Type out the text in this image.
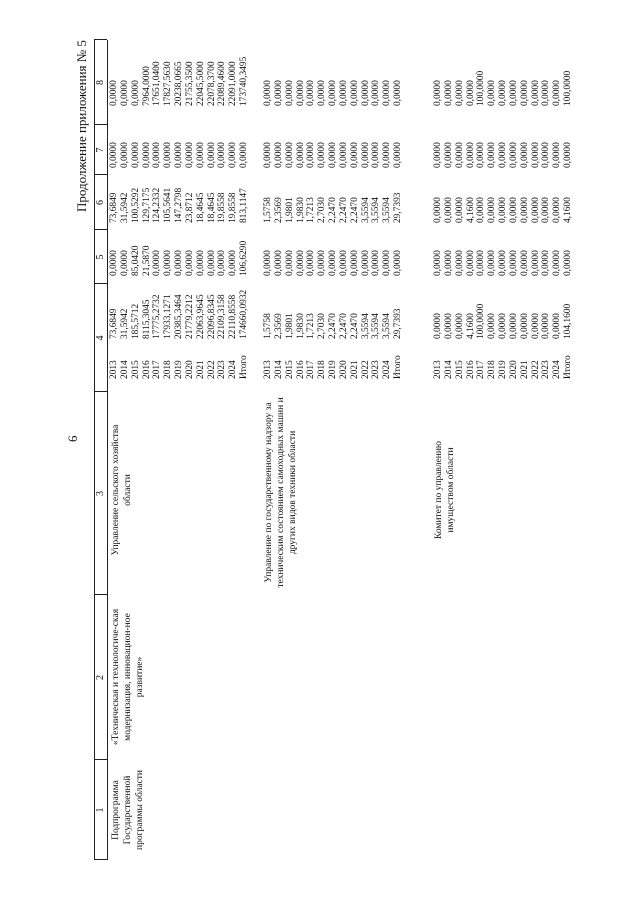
6
Продолжение приложения № 5
1
2
3
4
5
6
7
8
Подпрограмма Государственной программы области
«Техническая и технологиче-ская модернизация, инновацион-ное развитие»
Управление сельского хозяйства области
2013 2014 2015 2016 2017 2018 2019 2020 2021 2022 2023 2024 Итого
73,6849 31,5942 185,5712 8115,3045 17775,2732 17933,1271 20385,3464 21779,2212 22063,9645 22096,8345 22109,3158 22110,8558 174660,0932
0,0000 0,0000 85,0420 21,5870 0,0000 0,0000 0,0000 0,0000 0,0000 0,0000 0,0000 0,0000 106,6290
73,6849 31,5942 100,5292 129,7175 124,2332 105,5641 147,2798 23,8712 18,4645 18,4645 19,8558 19,8558 813,1147
0,0000 0,0000 0,0000 0,0000 0,0000 0,0000 0,0000 0,0000 0,0000 0,0000 0,0000 0,0000 0,0000
0,0000 0,0000 0,0000 7964,0000 17651,0400 17827,5630 20238,0665 21755,3500 22045,5000 22078,3700 22089,4600 22091,0000 173740,3495
Управление по государственному надзору за техническим состоянием самоходных машин и других видов техники области
2013 2014 2015 2016 2017 2018 2019 2020 2021 2022 2023 2024 Итого
1,5758 2,3569 1,9801 1,9830 1,7213 2,7030 2,2470 2,2470 2,2470 3,5594 3,5594 3,5594 29,7393
0,0000 0,0000 0,0000 0,0000 0,0000 0,0000 0,0000 0,0000 0,0000 0,0000 0,0000 0,0000 0,0000
1,5758 2,3569 1,9801 1,9830 1,7213 2,7030 2,2470 2,2470 2,2470 3,5594 3,5594 3,5594 29,7393
0,0000 0,0000 0,0000 0,0000 0,0000 0,0000 0,0000 0,0000 0,0000 0,0000 0,0000 0,0000 0,0000
0,0000 0,0000 0,0000 0,0000 0,0000 0,0000 0,0000 0,0000 0,0000 0,0000 0,0000 0,0000 0,0000
Комитет по управлению имуществом области
2013 2014 2015 2016 2017 2018 2019 2020 2021 2022 2023 2024 Итого
0,0000 0,0000 0,0000 4,1600 100,0000 0,0000 0,0000 0,0000 0,0000 0,0000 0,0000 0,0000 104,1600
0,0000 0,0000 0,0000 0,0000 0,0000 0,0000 0,0000 0,0000 0,0000 0,0000 0,0000 0,0000 0,0000
0,0000 0,0000 0,0000 4,1600 0,0000 0,0000 0,0000 0,0000 0,0000 0,0000 0,0000 0,0000 4,1600
0,0000 0,0000 0,0000 0,0000 0,0000 0,0000 0,0000 0,0000 0,0000 0,0000 0,0000 0,0000 0,0000
0,0000 0,0000 0,0000 0,0000 100,0000 0,0000 0,0000 0,0000 0,0000 0,0000 0,0000 0,0000 100,0000
